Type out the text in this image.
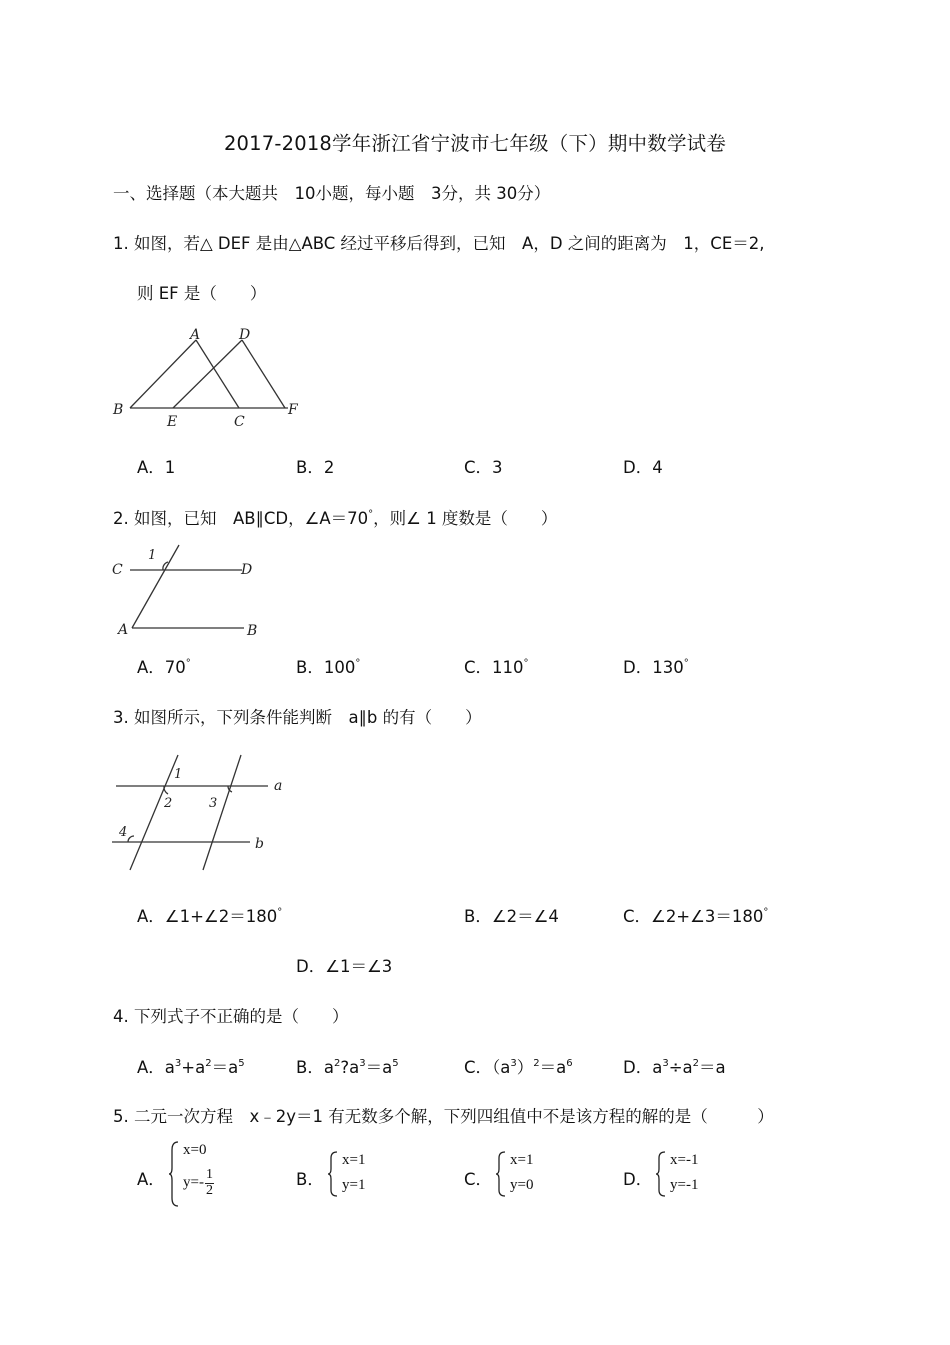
2017-2018学年浙江省宁波市七年级（下）期中数学试卷
一、选择题（本大题共　10小题，每小题　3分，共 30分）
1. 如图，若△ DEF 是由△ABC 经过平移后得到，已知　A，D 之间的距离为　1，CE＝2,
则 EF 是（　　）
A	D
B
E	C
F
A．1	B．2	C．3	D．4
2. 如图，已知　AB∥CD，∠A＝70°，则∠ 1 度数是（　　）
C
1
D
A	B
A．70°	B．100°	C．110°	D．130°
3. 如图所示，下列条件能判断　a∥b 的有（　　）
1
2	3
a
4
b
A．∠1+∠2＝180°	B．∠2＝∠4	C．∠2+∠3＝180°
D．∠1＝∠3
4. 下列式子不正确的是（　　）
A．$a^3+a^2=a^5$	B．$a^2?a^3=a^5$	C．$(a^3)^2=a^6$	D．$a^3\div a^2=a$
5. 二元一次方程　x﹣2y＝1 有无数多个解，下列四组值中不是该方程的解的是（　　　）
A．
x=0
$y=- \frac{1}{2}$	B．
x=1
y=1	C．
x=1
y=0	D．
x=-1
y=-1
